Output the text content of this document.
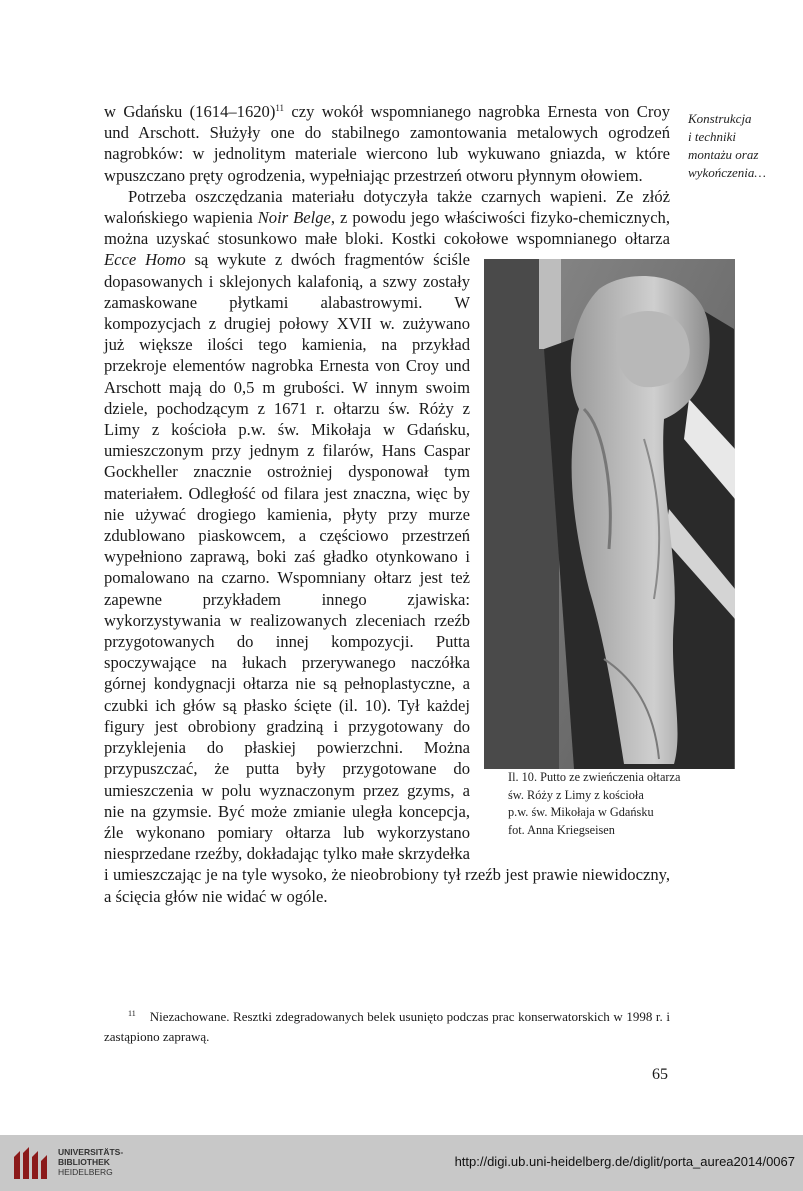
Konstrukcja
i techniki
montażu oraz
wykończenia…

w Gdańsku (1614–1620)$^{11}$ czy wokół wspomnianego nagrobka Ernesta von Croy und Arschott. Służyły one do stabilnego zamontowania metalowych ogrodzeń nagrobków: w jednolitym materiale wiercono lub wykuwano gniazda, w które wpuszczano pręty ogrodzenia, wypełniając przestrzeń otworu płynnym ołowiem.

Potrzeba oszczędzania materiału dotyczyła także czarnych wapieni. Ze złóż walońskiego wapienia Noir Belge, z powodu jego właściwości fizyko-chemicznych, można uzyskać stosunkowo małe bloki. Kostki cokołowe wspomnianego ołtarza
Il. 10. Putto ze zwieńczenia ołtarza
św. Róży z Limy z kościoła
p.w. św. Mikołaja w Gdańsku
fot. Anna Kriegseisen
Ecce Homo są wykute z dwóch fragmentów ściśle dopasowanych i sklejonych kalafonią, a szwy zostały zamaskowane płytkami alabastrowymi. W kompozycjach z drugiej połowy XVII w. zużywano już większe ilości tego kamienia, na przykład przekroje elementów nagrobka Ernesta von Croy und Arschott mają do 0,5 m grubości. W innym swoim dziele, pochodzącym z 1671 r. ołtarzu św. Róży z Limy z kościoła p.w. św. Mikołaja w Gdańsku, umieszczonym przy jednym z filarów, Hans Caspar Gockheller znacznie ostrożniej dysponował tym materiałem. Odległość od filara jest znaczna, więc by nie używać drogiego kamienia, płyty przy murze zdublowano piaskowcem, a częściowo przestrzeń wypełniono zaprawą, boki zaś gładko otynkowano i pomalowano na czarno. Wspomniany ołtarz jest też zapewne przykładem innego zjawiska: wykorzystywania w realizowanych zleceniach rzeźb przygotowanych do innej kompozycji. Putta spoczywające na łukach przerywanego naczółka górnej kondygnacji ołtarza nie są pełnoplastyczne, a czubki ich głów są płasko ścięte (il. 10). Tył każdej figury jest obrobiony gradziną i przygotowany do przyklejenia do płaskiej powierzchni. Można przypuszczać, że putta były przygotowane do umieszczenia w polu wyznaczonym przez gzyms, a nie na gzymsie. Być może zmianie uległa koncepcja, źle wykonano pomiary ołtarza lub wykorzystano niesprzedane rzeźby, dokładając tylko małe skrzydełka i umieszczając je na tyle wysoko, że nieobrobiony tył rzeźb jest prawie niewidoczny, a ścięcia głów nie widać w ogóle.

$^{11}$ Niezachowane. Resztki zdegradowanych belek usunięto podczas prac konserwatorskich w 1998 r. i zastąpiono zaprawą.
65
UNIVERSITÄTS-
BIBLIOTHEK
HEIDELBERG
http://digi.ub.uni-heidelberg.de/diglit/porta_aurea2014/0067
